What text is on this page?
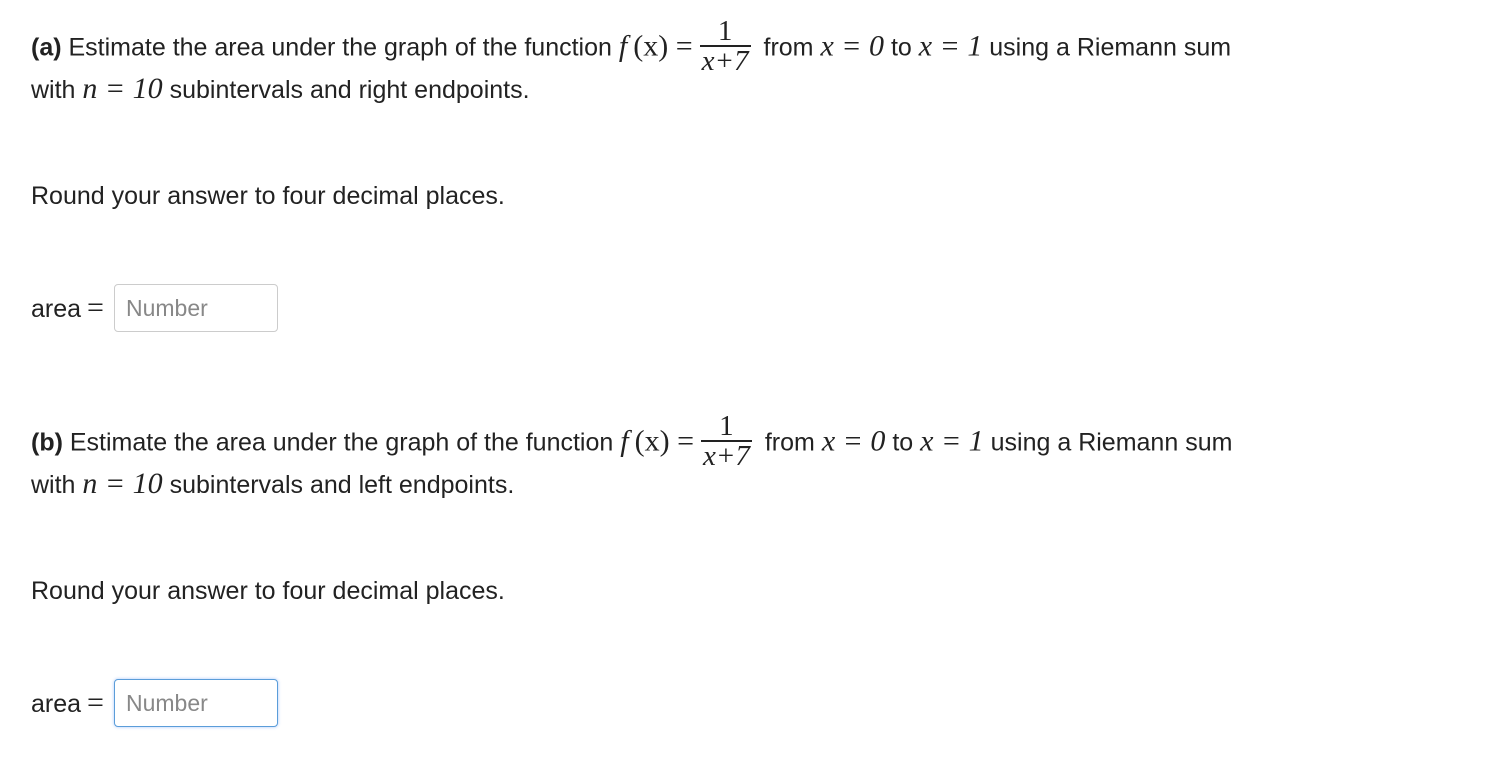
(a) Estimate the area under the graph of the function f  $(x) = \frac{1}{x+7}$ from x = 0 to x = 1 using a Riemann sum
with n = 10 subintervals and right endpoints.
Round your answer to four decimal places.
area =
Number
(b) Estimate the area under the graph of the function f  $(x) = \frac{1}{x+7}$ from x = 0 to x = 1 using a Riemann sum
with n = 10 subintervals and left endpoints.
Round your answer to four decimal places.
area =
Number
